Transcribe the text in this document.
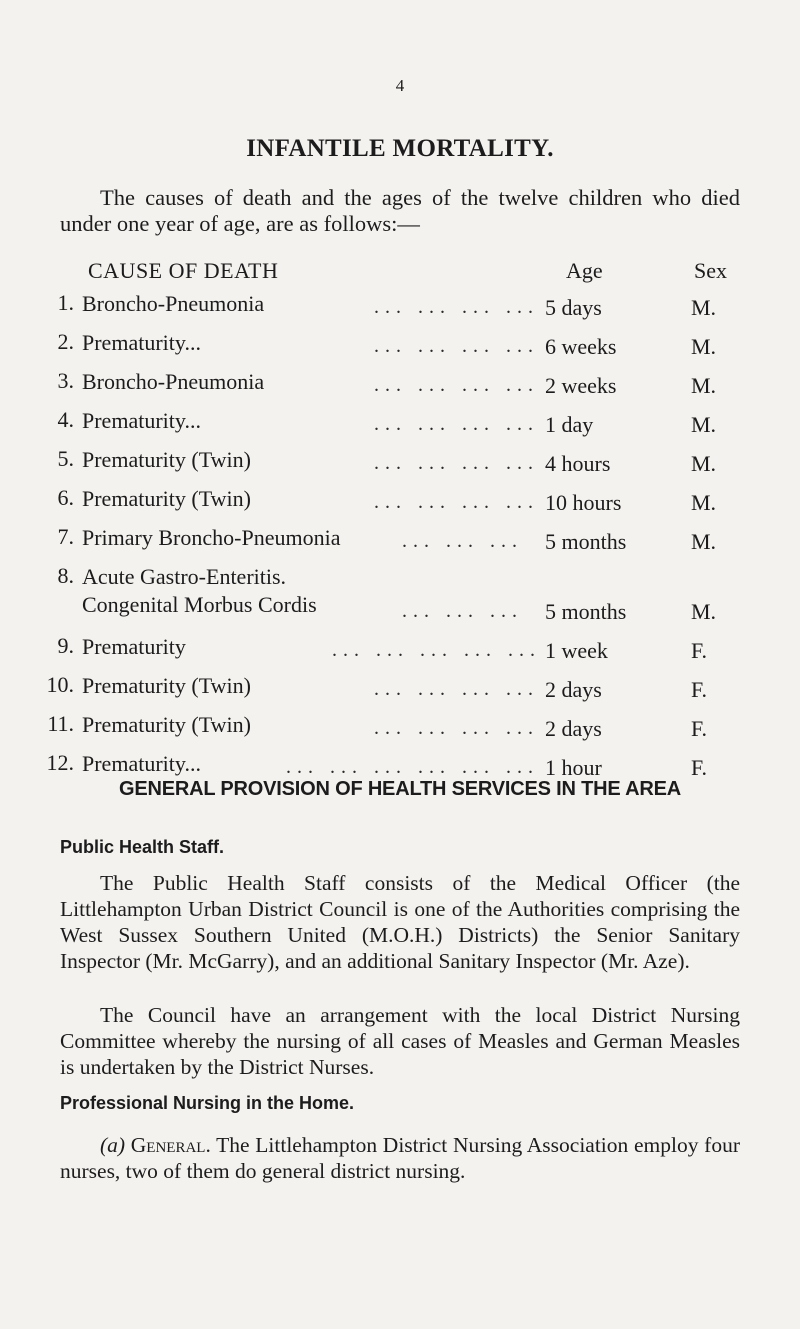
4
INFANTILE MORTALITY.

The causes of death and the ages of the twelve children who died under one year of age, are as follows:—

CAUSE OF DEATH	Age	Sex
1. Broncho-Pneumonia	... ... ... ... 5 days	M.
2. Prematurity...	... ... ... ... 6 weeks	M.
3. Broncho-Pneumonia	... ... ... ... 2 weeks	M.
4. Prematurity...	... ... ... ... 1 day	M.
5. Prematurity (Twin)	... ... ... ... 4 hours	M.
6. Prematurity (Twin)	... ... ... ... 10 hours	M.
7. Primary Broncho-Pneumonia	... ... ... 5 months	M.
8. Acute Gastro-Enteritis.
Congenital Morbus Cordis	... ... ... 5 months	M.
9. Prematurity	... ... ... ... ... 1 week	F.
10. Prematurity (Twin)	... ... ... ... 2 days	F.
11. Prematurity (Twin)	... ... ... ... 2 days	F.
12. Prematurity...	... ... ... ... ... ... 1 hour	F.
GENERAL PROVISION OF HEALTH SERVICES IN THE AREA
Public Health Staff.

The Public Health Staff consists of the Medical Officer (the Littlehampton Urban District Council is one of the Authorities comprising the West Sussex Southern United (M.O.H.) Districts) the Senior Sanitary Inspector (Mr. McGarry), and an additional Sanitary Inspector (Mr. Aze).

The Council have an arrangement with the local District Nursing Committee whereby the nursing of all cases of Measles and German Measles is undertaken by the District Nurses.

Professional Nursing in the Home.

(a) General. The Littlehampton District Nursing Association employ four nurses, two of them do general district nursing.
